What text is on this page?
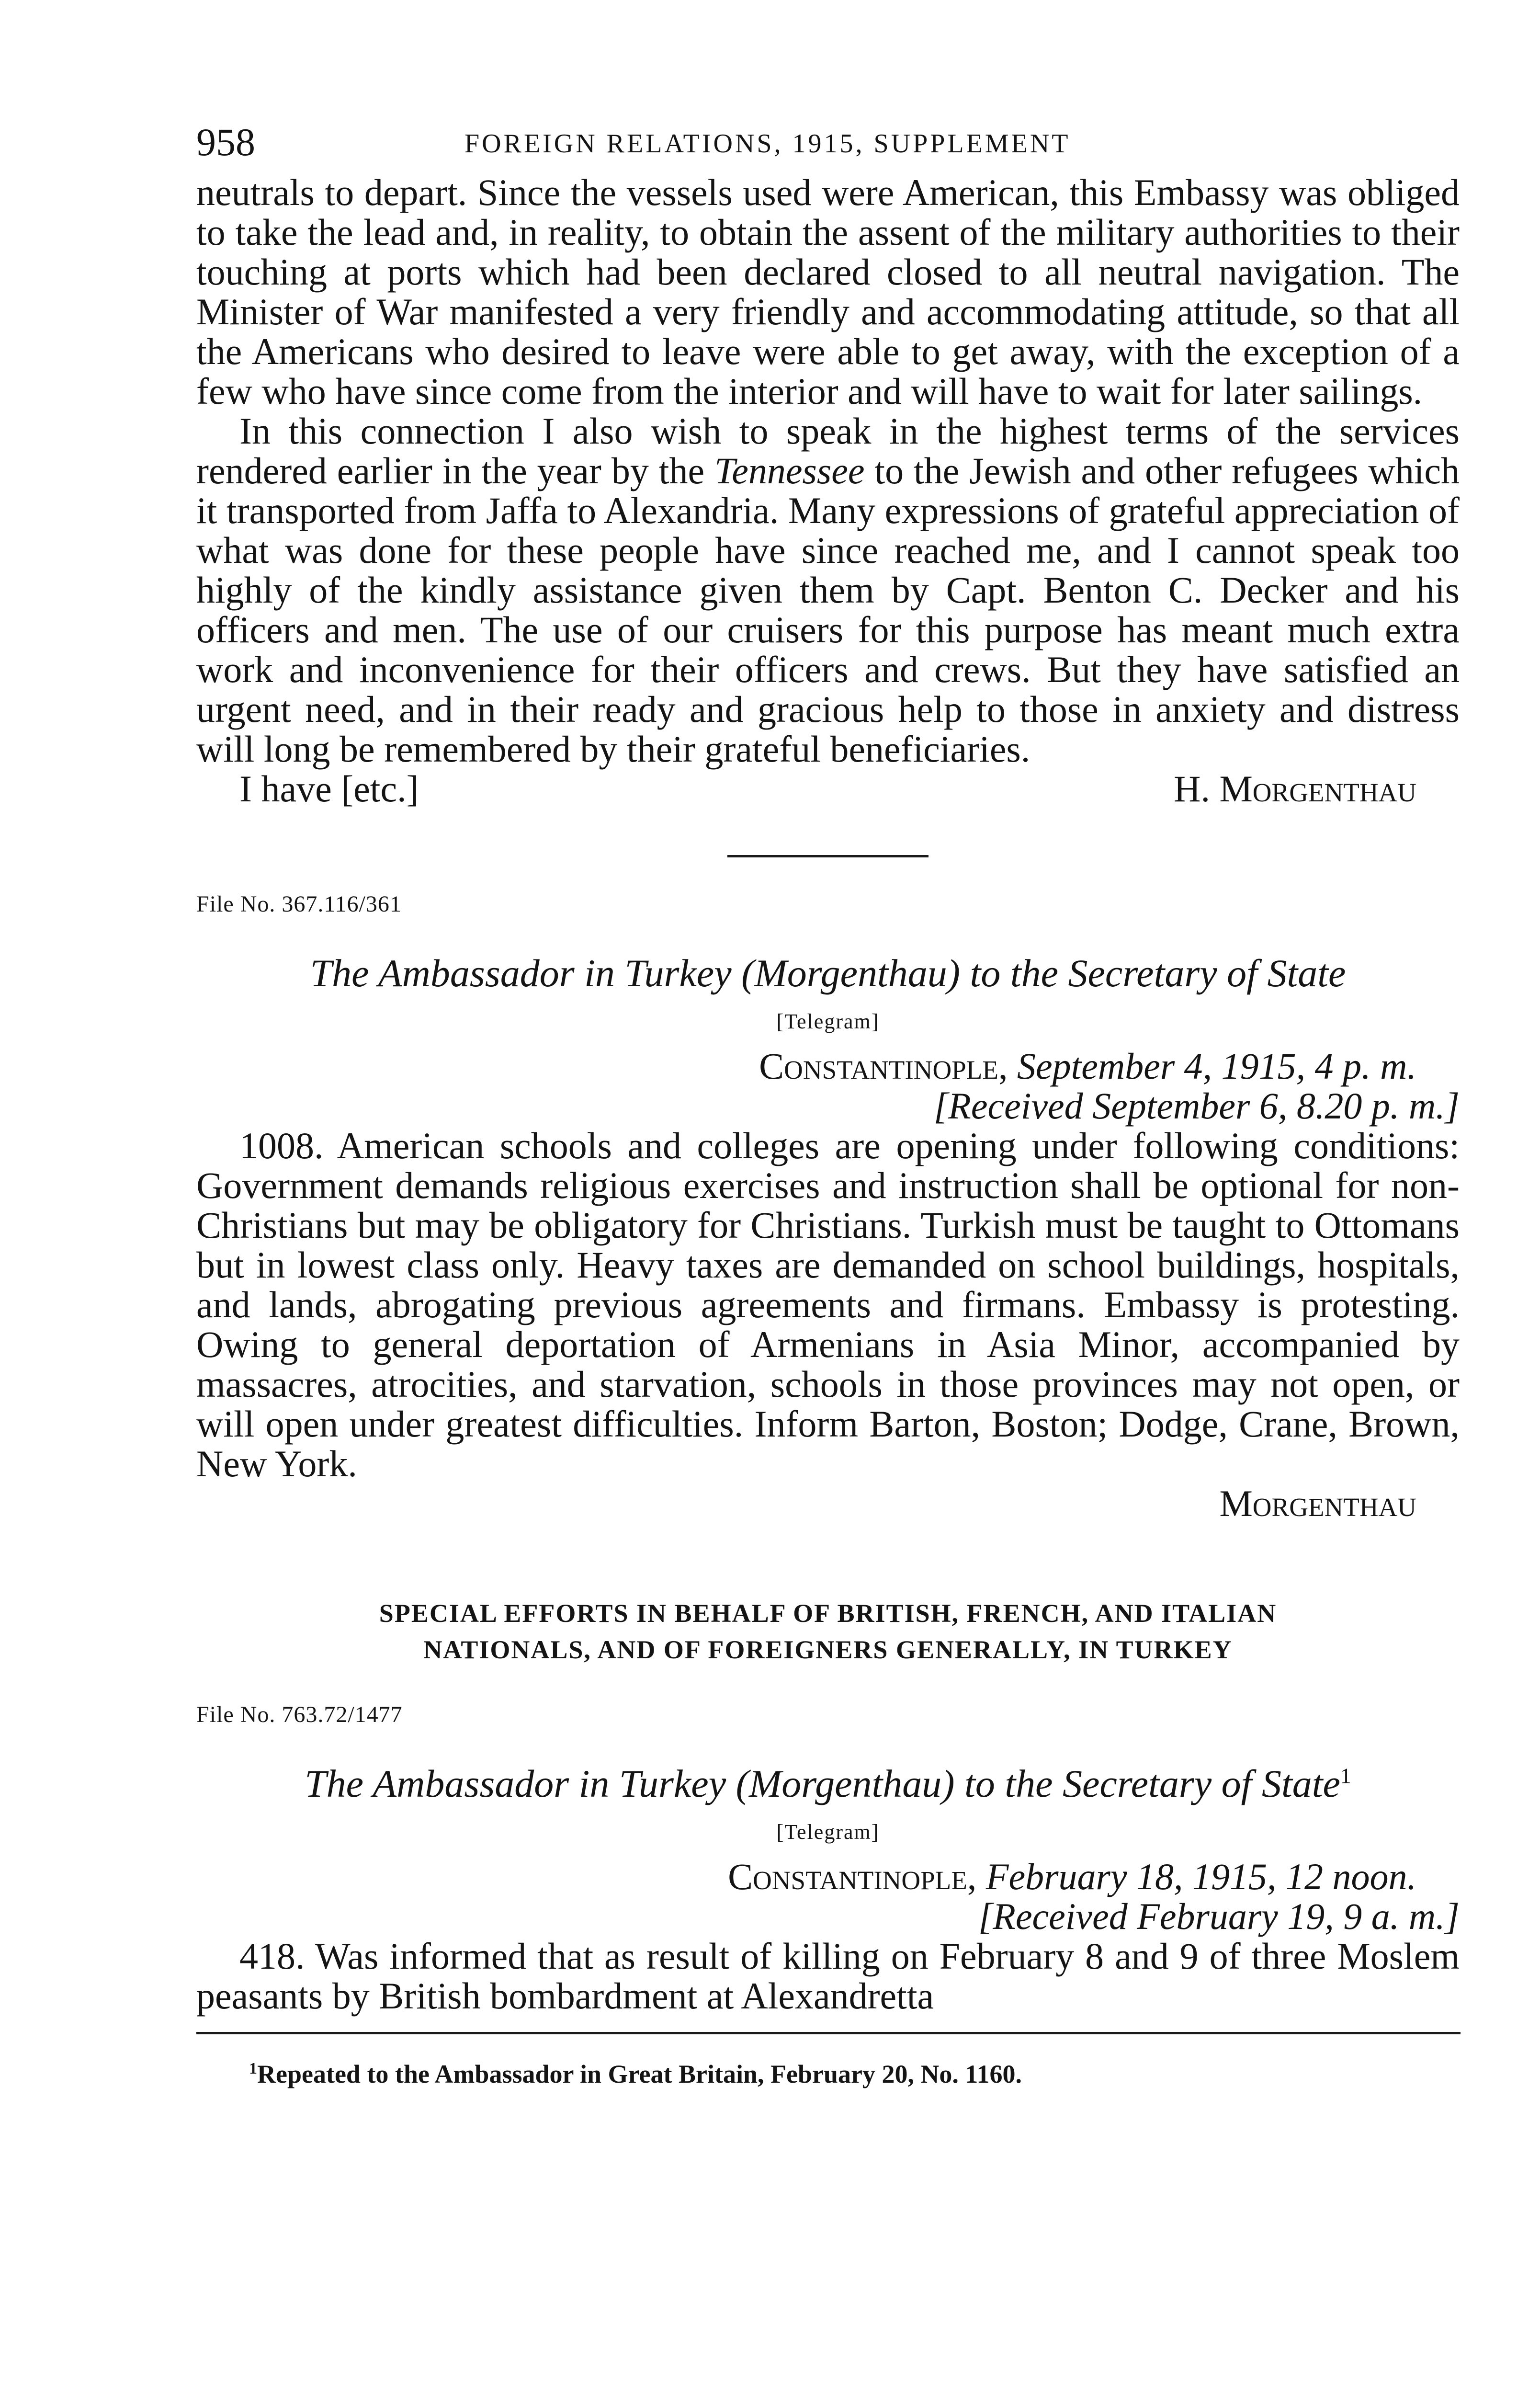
958	FOREIGN RELATIONS, 1915, SUPPLEMENT

neutrals to depart. Since the vessels used were American, this Embassy was obliged to take the lead and, in reality, to obtain the assent of the military authorities to their touching at ports which had been declared closed to all neutral navigation. The Minister of War manifested a very friendly and accommodating attitude, so that all the Americans who desired to leave were able to get away, with the exception of a few who have since come from the interior and will have to wait for later sailings.

In this connection I also wish to speak in the highest terms of the services rendered earlier in the year by the Tennessee to the Jewish and other refugees which it transported from Jaffa to Alexandria. Many expressions of grateful appreciation of what was done for these people have since reached me, and I cannot speak too highly of the kindly assistance given them by Capt. Benton C. Decker and his officers and men. The use of our cruisers for this purpose has meant much extra work and inconvenience for their officers and crews. But they have satisfied an urgent need, and in their ready and gracious help to those in anxiety and distress will long be remembered by their grateful beneficiaries.

I have [etc.]	H. Morgenthau
File No. 367.116/361
The Ambassador in Turkey (Morgenthau) to the Secretary of State
[Telegram]
Constantinople, September 4, 1915, 4 p. m.
[Received September 6, 8.20 p. m.]

1008. American schools and colleges are opening under following conditions: Government demands religious exercises and instruction shall be optional for non-Christians but may be obligatory for Christians. Turkish must be taught to Ottomans but in lowest class only. Heavy taxes are demanded on school buildings, hospitals, and lands, abrogating previous agreements and firmans. Embassy is protesting. Owing to general deportation of Armenians in Asia Minor, accompanied by massacres, atrocities, and starvation, schools in those provinces may not open, or will open under greatest difficulties. Inform Barton, Boston; Dodge, Crane, Brown, New York.

Morgenthau
SPECIAL EFFORTS IN BEHALF OF BRITISH, FRENCH, AND ITALIAN
NATIONALS, AND OF FOREIGNERS GENERALLY, IN TURKEY
File No. 763.72/1477
The Ambassador in Turkey (Morgenthau) to the Secretary of State$^1$
[Telegram]
Constantinople, February 18, 1915, 12 noon.
[Received February 19, 9 a. m.]

418. Was informed that as result of killing on February 8 and 9 of three Moslem peasants by British bombardment at Alexandretta

$^1$Repeated to the Ambassador in Great Britain, February 20, No. 1160.
